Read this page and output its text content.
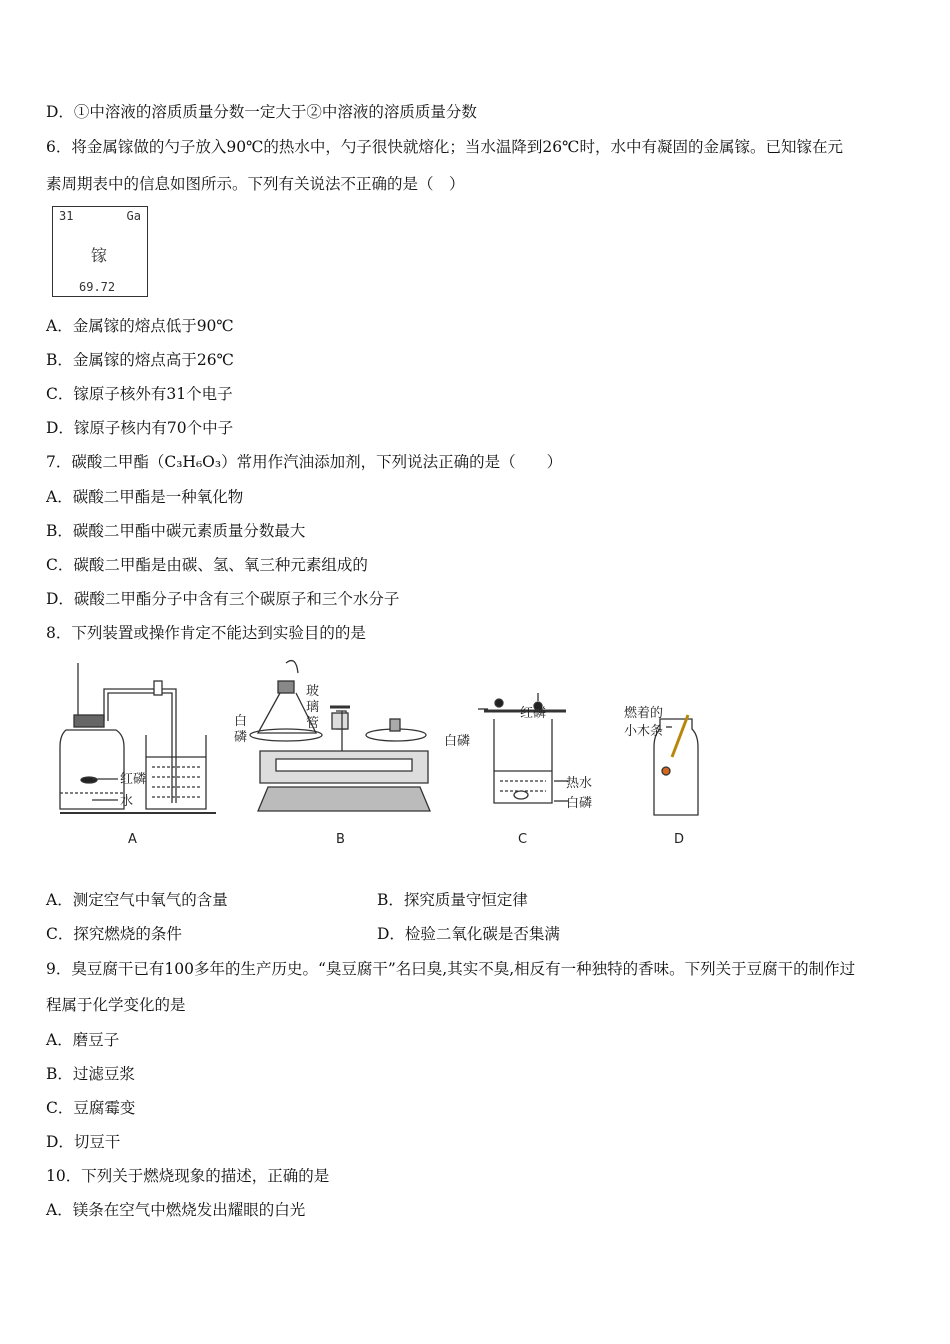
D．①中溶液的溶质质量分数一定大于②中溶液的溶质质量分数
6．将金属镓做的勺子放入90℃的热水中，勺子很快就熔化；当水温降到26℃时，水中有凝固的金属镓。已知镓在元
素周期表中的信息如图所示。下列有关说法不正确的是（　）
31	Ga
镓
69.72
A．金属镓的熔点低于90℃
B．金属镓的熔点高于26℃
C．镓原子核外有31个电子
D．镓原子核内有70个中子
7．碳酸二甲酯（C₃H₆O₃）常用作汽油添加剂，下列说法正确的是（　　）
A．碳酸二甲酯是一种氧化物
B．碳酸二甲酯中碳元素质量分数最大
C．碳酸二甲酯是由碳、氢、氧三种元素组成的
D．碳酸二甲酯分子中含有三个碳原子和三个水分子
8．下列装置或操作肯定不能达到实验目的的是
红磷
水
A
白
磷
玻
璃
管
B
红磷
白磷
热水
白磷
C
燃着的
小木条
D
A．测定空气中氧气的含量	B．探究质量守恒定律
C．探究燃烧的条件	D．检验二氧化碳是否集满
9．臭豆腐干已有100多年的生产历史。“臭豆腐干”名曰臭,其实不臭,相反有一种独特的香味。下列关于豆腐干的制作过
程属于化学变化的是
A．磨豆子
B．过滤豆浆
C．豆腐霉变
D．切豆干
10．下列关于燃烧现象的描述，正确的是
A．镁条在空气中燃烧发出耀眼的白光
